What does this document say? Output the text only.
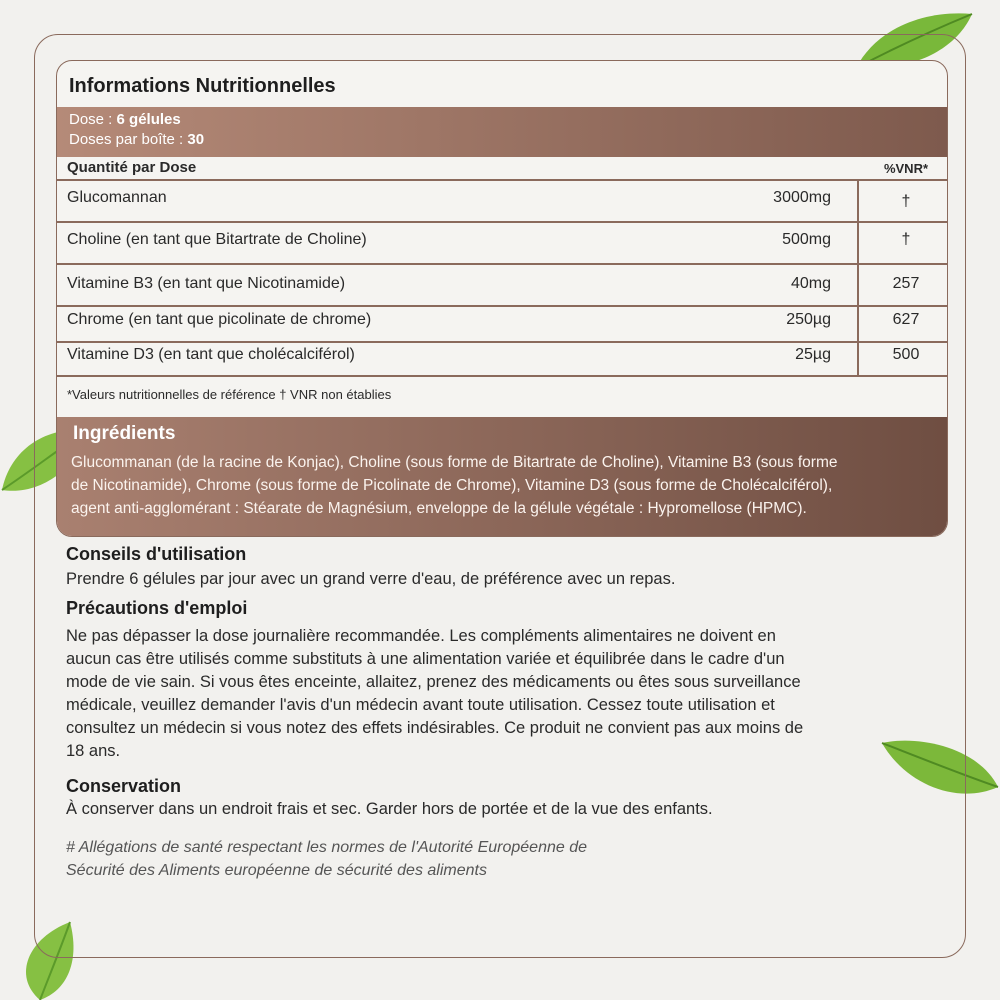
Informations Nutritionnelles
Dose : 6 gélules
Doses par boîte : 30
Quantité par Dose	%VNR*
Glucomannan	3000mg	†
Choline (en tant que Bitartrate de Choline)	500mg	†
Vitamine B3 (en tant que Nicotinamide)	40mg	257
Chrome (en tant que picolinate de chrome)	250µg	627
Vitamine D3 (en tant que cholécalciférol)	25µg	500
*Valeurs nutritionnelles de référence † VNR non établies
Ingrédients
Glucommanan (de la racine de Konjac), Choline (sous forme de Bitartrate de Choline), Vitamine B3 (sous forme
de Nicotinamide), Chrome (sous forme de Picolinate de Chrome), Vitamine D3 (sous forme de Cholécalciférol),
agent anti-agglomérant : Stéarate de Magnésium, enveloppe de la gélule végétale : Hypromellose (HPMC).
Conseils d'utilisation
Prendre 6 gélules par jour avec un grand verre d'eau, de préférence avec un repas.
Précautions d'emploi
Ne pas dépasser la dose journalière recommandée. Les compléments alimentaires ne doivent en
aucun cas être utilisés comme substituts à une alimentation variée et équilibrée dans le cadre d'un
mode de vie sain. Si vous êtes enceinte, allaitez, prenez des médicaments ou êtes sous surveillance
médicale, veuillez demander l'avis d'un médecin avant toute utilisation. Cessez toute utilisation et
consultez un médecin si vous notez des effets indésirables. Ce produit ne convient pas aux moins de
18 ans.
Conservation
À conserver dans un endroit frais et sec. Garder hors de portée et de la vue des enfants.
# Allégations de santé respectant les normes de l'Autorité Européenne de
Sécurité des Aliments européenne de sécurité des aliments
